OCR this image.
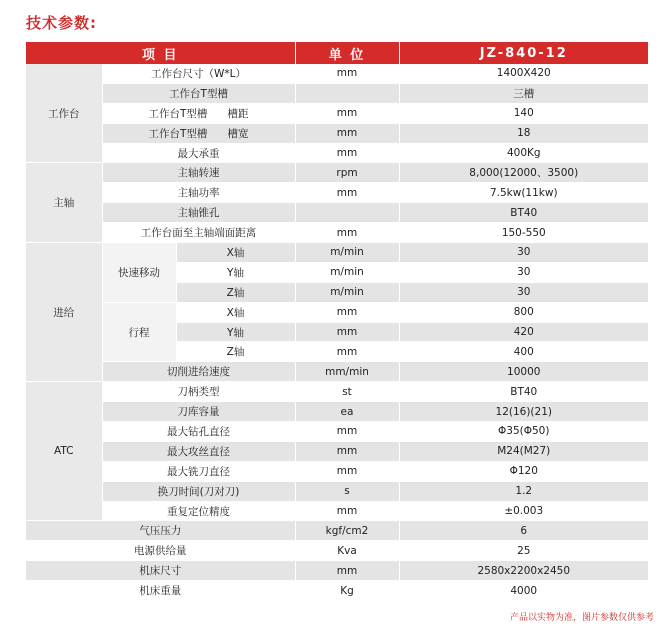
技术参数:
项 目			单 位	JZ-840-12
工作台	工作台尺寸（W*L）		mm	1400X420
	工作台T型槽			三槽
	工作台T型槽      槽距		mm	140
	工作台T型槽      槽宽		mm	18
	最大承重		mm	400Kg
主轴	主轴转速		rpm	8,000(12000、3500)
	主轴功率		mm	7.5kw(11kw)
	主轴锥孔			BT40
	工作台面至主轴端面距离		mm	150-550
进给	快速移动	X轴	m/min	30
		Y轴	m/min	30
		Z轴	m/min	30
	行程	X轴	mm	800
		Y轴	mm	420
		Z轴	mm	400
	切削进给速度		mm/min	10000
ATC	刀柄类型		st	BT40
	刀库容量		ea	12(16)(21)
	最大钻孔直径		mm	Φ35(Φ50)
	最大攻丝直径		mm	M24(M27)
	最大铣刀直径		mm	Φ120
	换刀时间(刀对刀)		s	1.2
	重复定位精度		mm	±0.003
气压压力			kgf/cm2	6
电源供给量			Kva	25
机床尺寸			mm	2580x2200x2450
机床重量			Kg	4000
产品以实物为准，图片参数仅供参考
